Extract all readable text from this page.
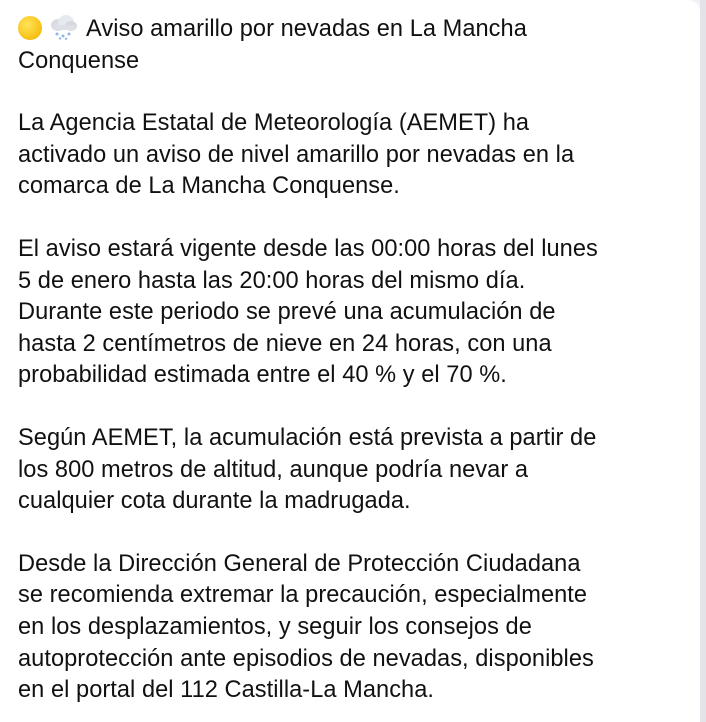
Aviso amarillo por nevadas en La Mancha
Conquense
La Agencia Estatal de Meteorología (AEMET) ha
activado un aviso de nivel amarillo por nevadas en la
comarca de La Mancha Conquense.
El aviso estará vigente desde las 00:00 horas del lunes
5 de enero hasta las 20:00 horas del mismo día.
Durante este periodo se prevé una acumulación de
hasta 2 centímetros de nieve en 24 horas, con una
probabilidad estimada entre el 40 % y el 70 %.
Según AEMET, la acumulación está prevista a partir de
los 800 metros de altitud, aunque podría nevar a
cualquier cota durante la madrugada.
Desde la Dirección General de Protección Ciudadana
se recomienda extremar la precaución, especialmente
en los desplazamientos, y seguir los consejos de
autoprotección ante episodios de nevadas, disponibles
en el portal del 112 Castilla-La Mancha.
